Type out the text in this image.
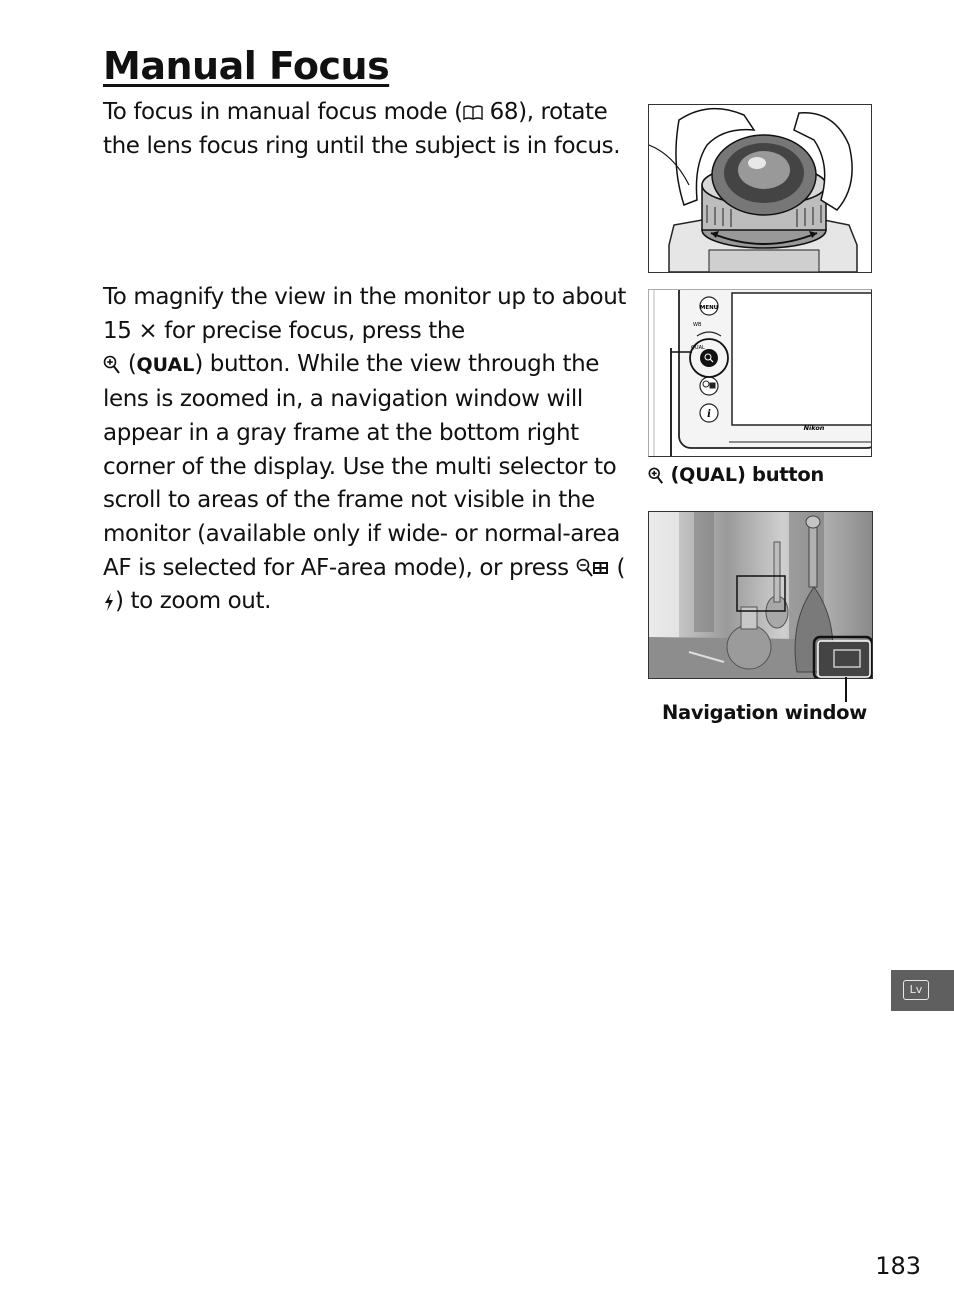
Manual Focus

To focus in manual focus mode ( 68), rotate the lens focus ring until the subject is in focus.

To magnify the view in the monitor up to about 15 × for precise focus, press the
(QUAL) button. While the view through the lens is zoomed in, a navigation window will appear in a gray frame at the bottom right corner of the display. Use the multi selector to scroll to areas of the frame not visible in the monitor (available only if wide- or normal-area AF is selected for AF-area mode), or press  () to zoom out.

MENU
WB
QUAL
i
Nikon
(QUAL) button
Navigation window
Lv
183
